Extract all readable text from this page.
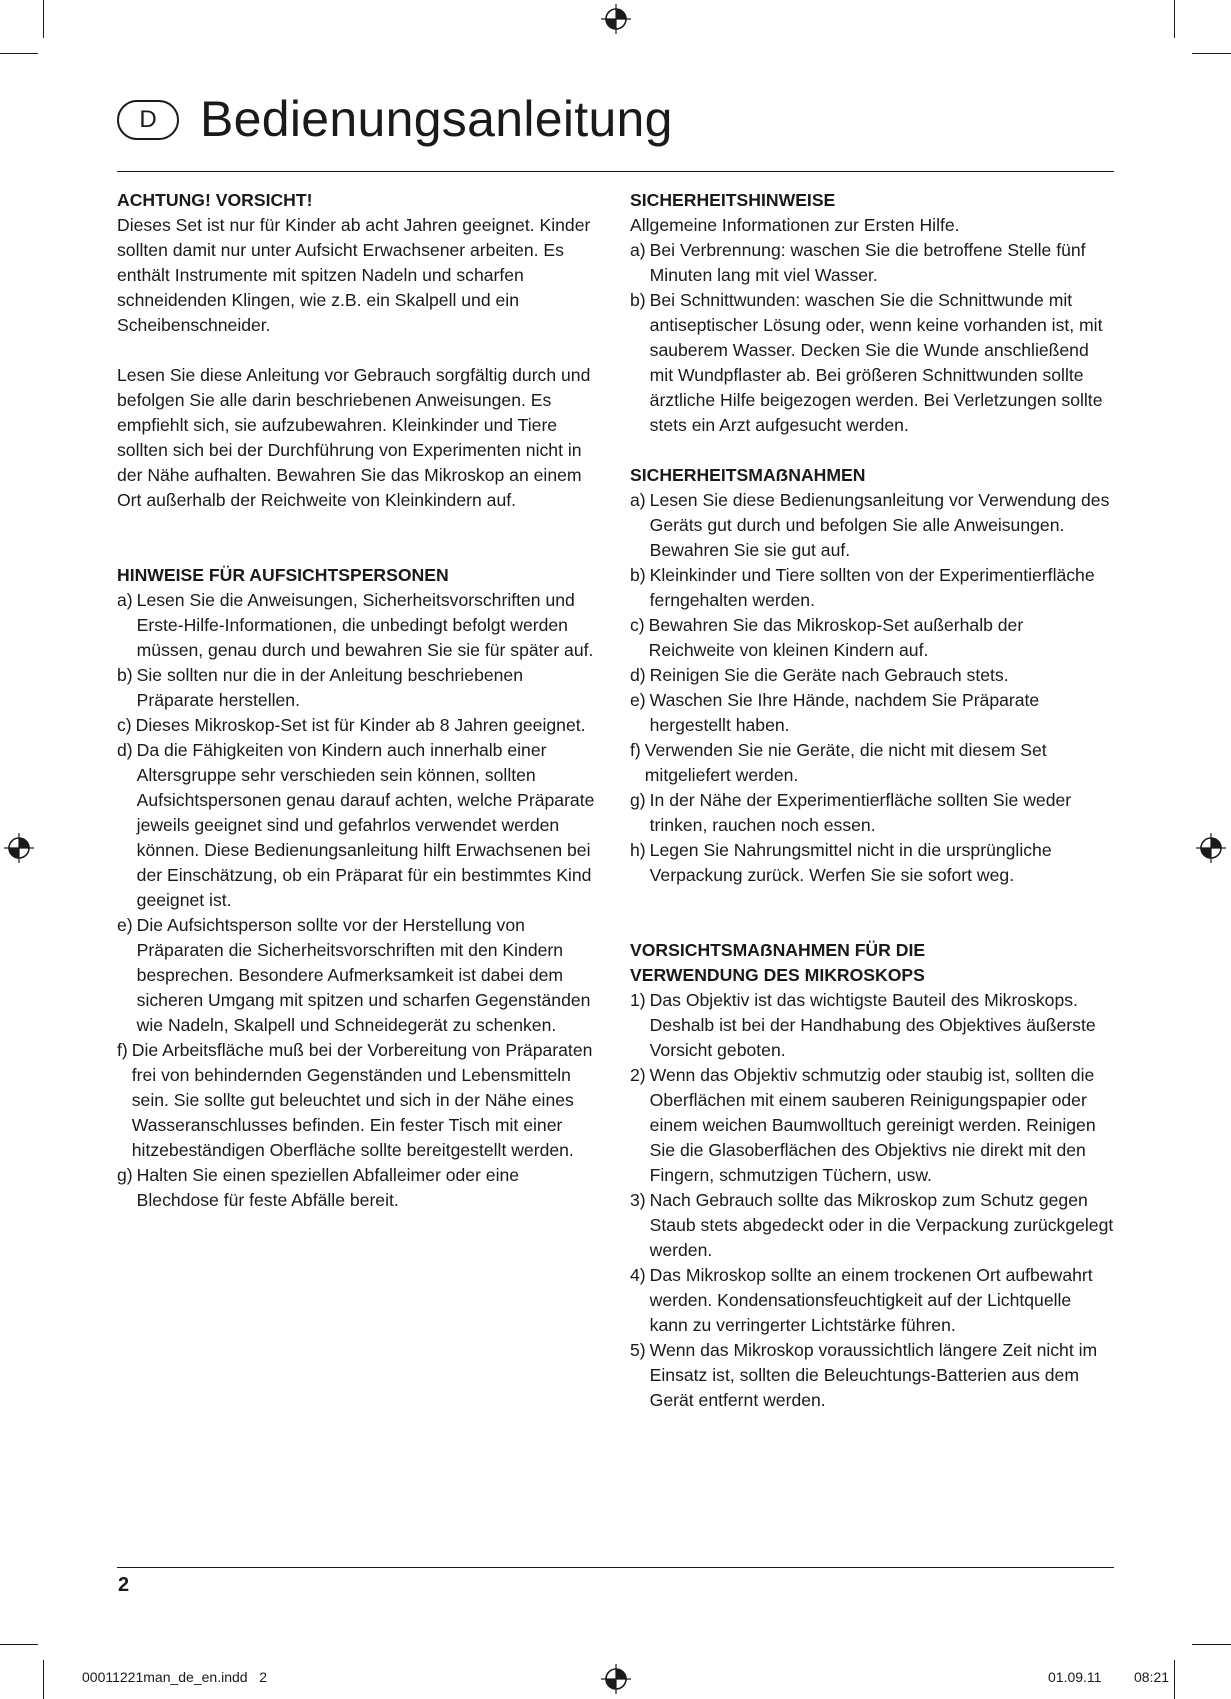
D Bedienungsanleitung

ACHTUNG! VORSICHT!

Dieses Set ist nur für Kinder ab acht Jahren geeignet. Kinder sollten damit nur unter Aufsicht Erwachsener arbeiten. Es enthält Instrumente mit spitzen Nadeln und scharfen schneidenden Klingen, wie z.B. ein Skalpell und ein Scheibenschneider.

Lesen Sie diese Anleitung vor Gebrauch sorgfältig durch und befolgen Sie alle darin beschriebenen Anweisungen. Es empfiehlt sich, sie aufzubewahren. Kleinkinder und Tiere sollten sich bei der Durchführung von Experimenten nicht in der Nähe aufhalten. Bewahren Sie das Mikroskop an einem Ort außerhalb der Reichweite von Kleinkindern auf.

HINWEISE FÜR AUFSICHTSPERSONEN

a) Lesen Sie die Anweisungen, Sicherheitsvorschriften und Erste-Hilfe-Informationen, die unbedingt befolgt werden müssen, genau durch und bewahren Sie sie für später auf.
b) Sie sollten nur die in der Anleitung beschriebenen Präparate herstellen.
c) Dieses Mikroskop-Set ist für Kinder ab 8 Jahren geeignet.
d) Da die Fähigkeiten von Kindern auch innerhalb einer Altersgruppe sehr verschieden sein können, sollten Aufsichtspersonen genau darauf achten, welche Präparate jeweils geeignet sind und gefahrlos verwendet werden können. Diese Bedienungsanleitung hilft Erwachsenen bei der Einschätzung, ob ein Präparat für ein bestimmtes Kind geeignet ist.
e) Die Aufsichtsperson sollte vor der Herstellung von Präparaten die Sicherheitsvorschriften mit den Kindern besprechen. Besondere Aufmerksamkeit ist dabei dem sicheren Umgang mit spitzen und scharfen Gegenständen wie Nadeln, Skalpell und Schneidegerät zu schenken.
f) Die Arbeitsfläche muß bei der Vorbereitung von Präparaten frei von behindernden Gegenständen und Lebensmitteln sein. Sie sollte gut beleuchtet und sich in der Nähe eines Wasseranschlusses befinden. Ein fester Tisch mit einer hitzebeständigen Oberfläche sollte bereitgestellt werden.
g) Halten Sie einen speziellen Abfalleimer oder eine Blechdose für feste Abfälle bereit.

SICHERHEITSHINWEISE

Allgemeine Informationen zur Ersten Hilfe.

a) Bei Verbrennung: waschen Sie die betroffene Stelle fünf Minuten lang mit viel Wasser.
b) Bei Schnittwunden: waschen Sie die Schnittwunde mit antiseptischer Lösung oder, wenn keine vorhanden ist, mit sauberem Wasser. Decken Sie die Wunde anschließend mit Wundpflaster ab. Bei größeren Schnittwunden sollte ärztliche Hilfe beigezogen werden. Bei Verletzungen sollte stets ein Arzt aufgesucht werden.

SICHERHEITSMAẞNAHMEN

a) Lesen Sie diese Bedienungsanleitung vor Verwendung des Geräts gut durch und befolgen Sie alle Anweisungen. Bewahren Sie sie gut auf.
b) Kleinkinder und Tiere sollten von der Experimentierfläche ferngehalten werden.
c) Bewahren Sie das Mikroskop-Set außerhalb der Reichweite von kleinen Kindern auf.
d) Reinigen Sie die Geräte nach Gebrauch stets.
e) Waschen Sie Ihre Hände, nachdem Sie Präparate hergestellt haben.
f) Verwenden Sie nie Geräte, die nicht mit diesem Set mitgeliefert werden.
g) In der Nähe der Experimentierfläche sollten Sie weder trinken, rauchen noch essen.
h) Legen Sie Nahrungsmittel nicht in die ursprüngliche Verpackung zurück. Werfen Sie sie sofort weg.

VORSICHTSMAẞNAHMEN FÜR DIE

VERWENDUNG DES MIKROSKOPS

1) Das Objektiv ist das wichtigste Bauteil des Mikroskops. Deshalb ist bei der Handhabung des Objektives äußerste Vorsicht geboten.
2) Wenn das Objektiv schmutzig oder staubig ist, sollten die Oberflächen mit einem sauberen Reinigungspapier oder einem weichen Baumwolltuch gereinigt werden. Reinigen Sie die Glasoberflächen des Objektivs nie direkt mit den Fingern, schmutzigen Tüchern, usw.
3) Nach Gebrauch sollte das Mikroskop zum Schutz gegen Staub stets abgedeckt oder in die Verpackung zurückgelegt werden.
4) Das Mikroskop sollte an einem trockenen Ort aufbewahrt werden. Kondensationsfeuchtigkeit auf der Lichtquelle kann zu verringerter Lichtstärke führen.
5) Wenn das Mikroskop voraussichtlich längere Zeit nicht im Einsatz ist, sollten die Beleuchtungs-Batterien aus dem Gerät entfernt werden.
2
00011221man_de_en.indd   2	01.09.11 08:21
